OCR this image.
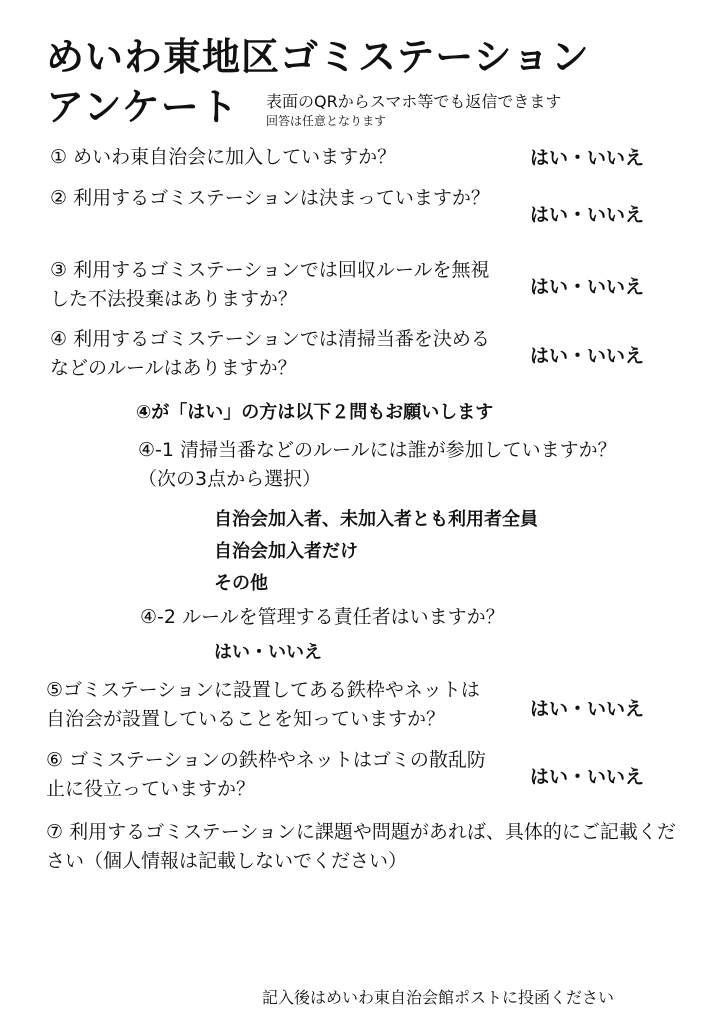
めいわ東地区ゴミステーション
アンケート 表面のQRからスマホ等でも返信できます
回答は任意となります
① めいわ東自治会に加入していますか？	はい・いいえ
② 利用するゴミステーションは決まっていますか？
はい・いいえ
③ 利用するゴミステーションでは回収ルールを無視した不法投棄はありますか？
はい・いいえ
④ 利用するゴミステーションでは清掃当番を決めるなどのルールはありますか？
はい・いいえ
④が「はい」の方は以下２問もお願いします
④-1 清掃当番などのルールには誰が参加していますか？（次の3点から選択）
自治会加入者、未加入者とも利用者全員
自治会加入者だけ
その他
④-2 ルールを管理する責任者はいますか？
はい・いいえ
⑤ゴミステーションに設置してある鉄枠やネットは自治会が設置していることを知っていますか？	はい・いいえ
⑥ ゴミステーションの鉄枠やネットはゴミの散乱防止に役立っていますか？
はい・いいえ
⑦ 利用するゴミステーションに課題や問題があれば、具体的にご記載ください（個人情報は記載しないでください）
記入後はめいわ東自治会館ポストに投函ください
